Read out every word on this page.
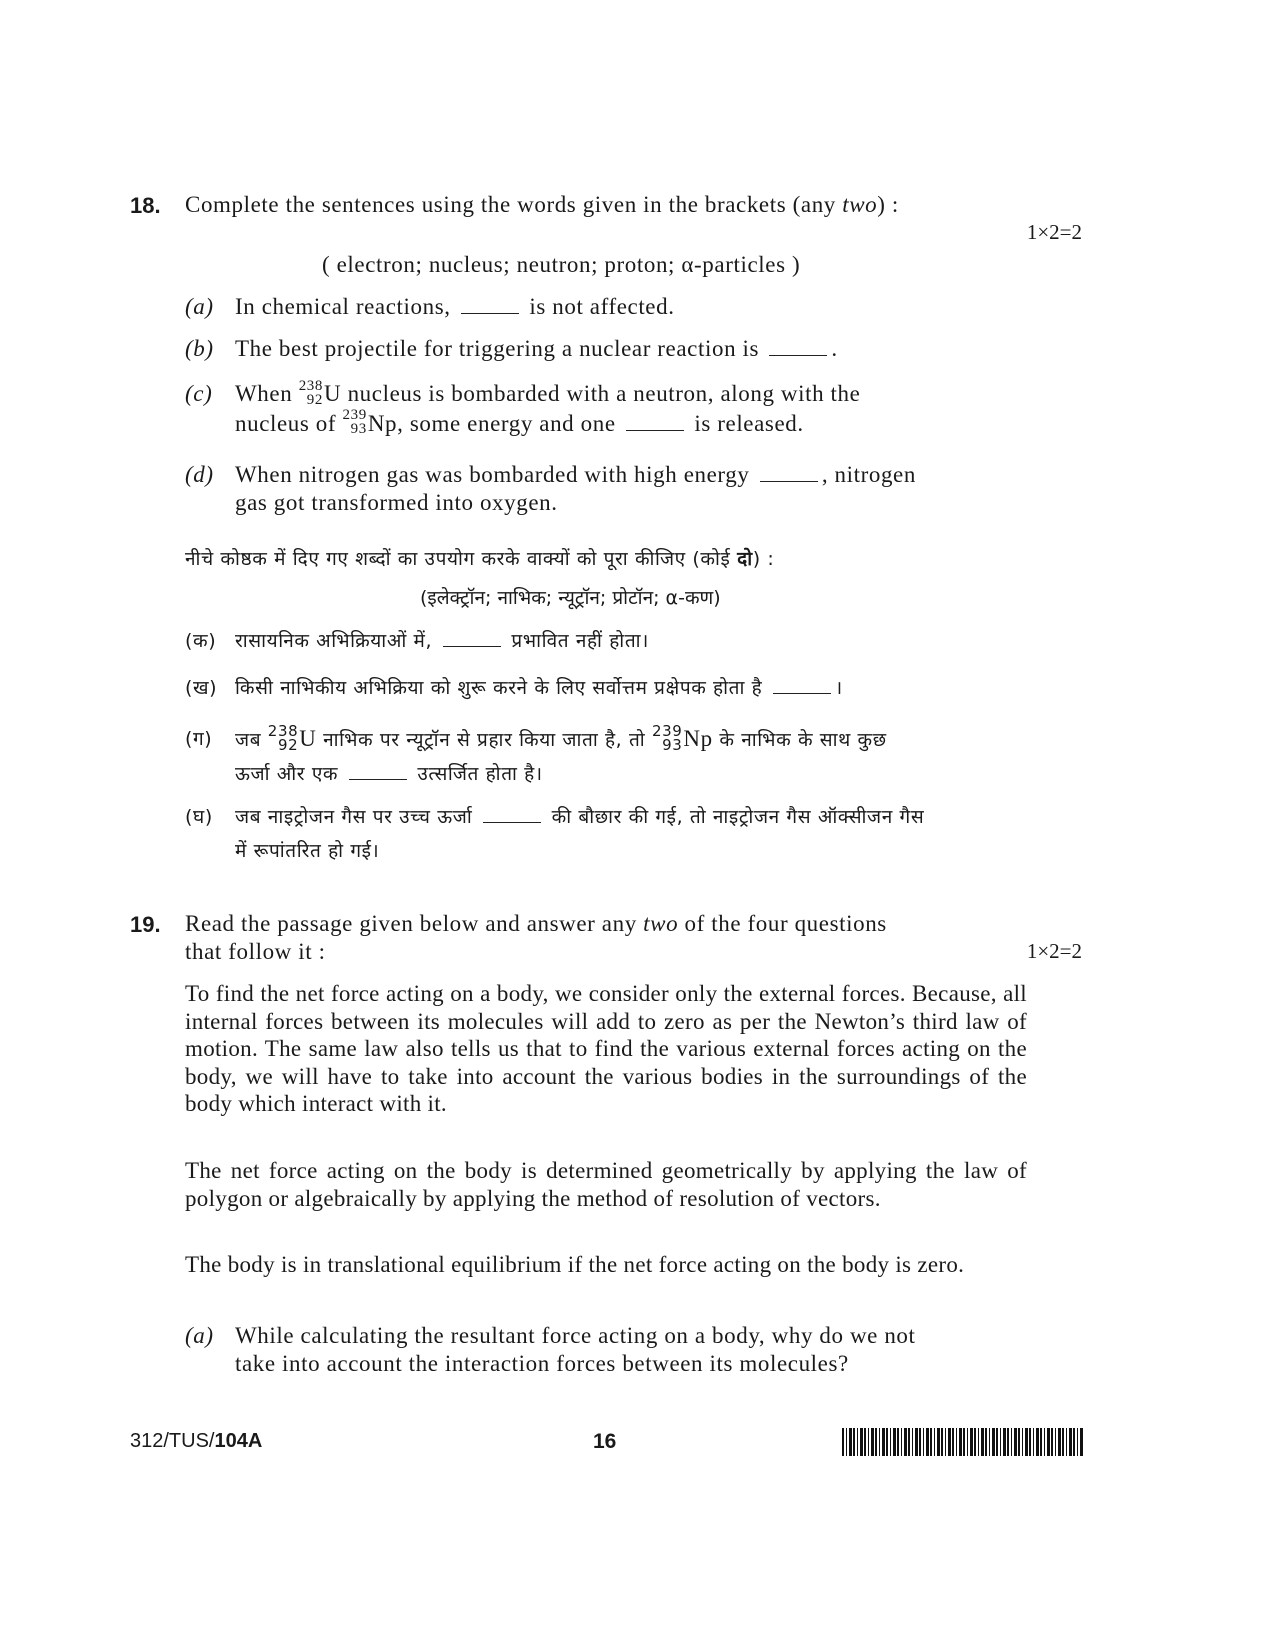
18. Complete the sentences using the words given in the brackets (any two) :
1×2=2
( electron; nucleus; neutron; proton; α-particles )
(a) In chemical reactions,	is not affected.
(b) The best projectile for triggering a nuclear reaction is	.
(c) When 238
92 U nucleus is bombarded with a neutron, along with the
nucleus of 239
93 Np, some energy and one	is released.
(d) When nitrogen gas was bombarded with high energy	, nitrogen
gas got transformed into oxygen.
नीचे कोष्ठक में दिए गए शब्दों का उपयोग करके वाक्यों को पूरा कीजिए (कोई दो) :
(इलेक्ट्रॉन; नाभिक; न्यूट्रॉन; प्रोटॉन; α-कण)
(क) रासायनिक अभिक्रियाओं में,	प्रभावित नहीं होता।
(ख) किसी नाभिकीय अभिक्रिया को शुरू करने के लिए सर्वोत्तम प्रक्षेपक होता है	।
(ग) जब 238
92 U नाभिक पर न्यूट्रॉन से प्रहार किया जाता है, तो 239
93 Np के नाभिक के साथ कुछ
ऊर्जा और एक	उत्सर्जित होता है।
(घ) जब नाइट्रोजन गैस पर उच्च ऊर्जा	की बौछार की गई, तो नाइट्रोजन गैस ऑक्सीजन गैस
में रूपांतरित हो गई।
19. Read the passage given below and answer any two of the four questions
that follow it :	1×2=2

To find the net force acting on a body, we consider only the external forces. Because, all internal forces between its molecules will add to zero as per the Newton’s third law of motion. The same law also tells us that to find the various external forces acting on the body, we will have to take into account the various bodies in the surroundings of the body which interact with it.

The net force acting on the body is determined geometrically by applying the law of polygon or algebraically by applying the method of resolution of vectors.

The body is in translational equilibrium if the net force acting on the body is zero.

(a) While calculating the resultant force acting on a body, why do we not
take into account the interaction forces between its molecules?
312/TUS/104A	16
